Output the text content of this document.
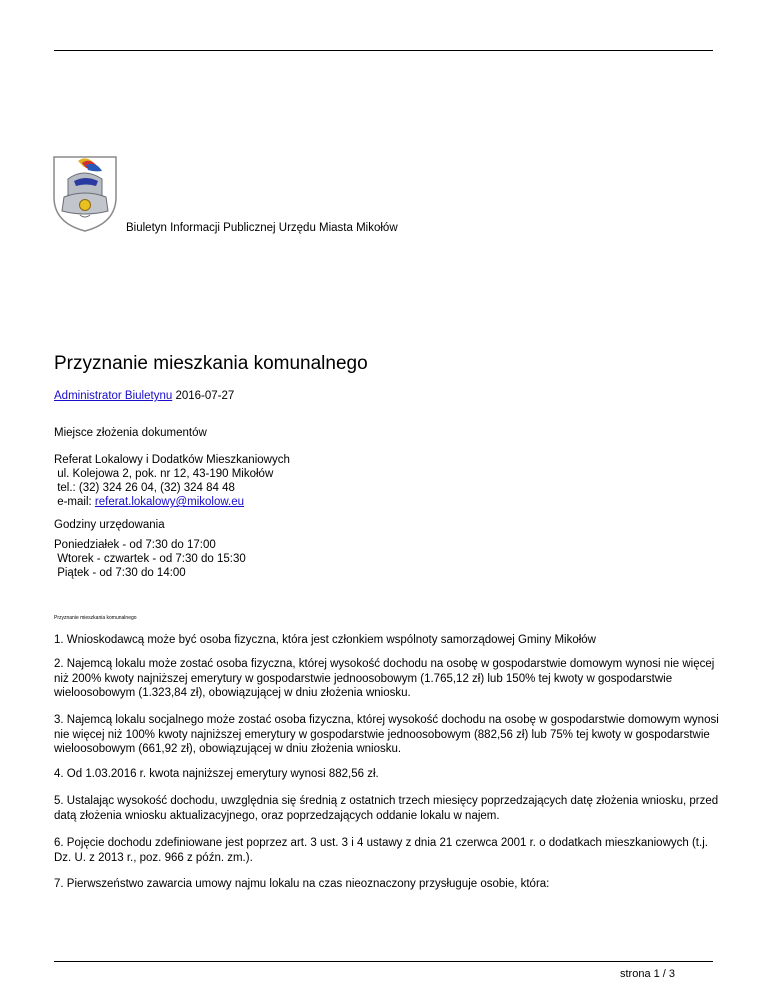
Biuletyn Informacji Publicznej Urzędu Miasta Mikołów
Przyznanie mieszkania komunalnego
Administrator Biuletynu 2016-07-27
Miejsce złożenia dokumentów
Referat Lokalowy i Dodatków Mieszkaniowych
ul. Kolejowa 2, pok. nr 12, 43-190 Mikołów
tel.: (32) 324 26 04, (32) 324 84 48
e-mail: referat.lokalowy@mikolow.eu
Godziny urzędowania
Poniedziałek - od 7:30 do 17:00
Wtorek - czwartek - od 7:30 do 15:30
Piątek - od 7:30 do 14:00
Przyznanie mieszkania komunalnego

1. Wnioskodawcą może być osoba fizyczna, która jest członkiem wspólnoty samorządowej Gminy Mikołów

2. Najemcą lokalu może zostać osoba fizyczna, której wysokość dochodu na osobę w gospodarstwie domowym wynosi nie więcej niż 200% kwoty najniższej emerytury w gospodarstwie jednoosobowym (1.765,12 zł) lub 150% tej kwoty w gospodarstwie wieloosobowym (1.323,84 zł), obowiązującej w dniu złożenia wniosku.

3. Najemcą lokalu socjalnego może zostać osoba fizyczna, której wysokość dochodu na osobę w gospodarstwie domowym wynosi nie więcej niż 100% kwoty najniższej emerytury w gospodarstwie jednoosobowym (882,56 zł) lub 75% tej kwoty w gospodarstwie wieloosobowym (661,92 zł), obowiązującej w dniu złożenia wniosku.

4. Od 1.03.2016 r. kwota najniższej emerytury wynosi 882,56 zł.

5. Ustalając wysokość dochodu, uwzględnia się średnią z ostatnich trzech miesięcy poprzedzających datę złożenia wniosku, przed datą złożenia wniosku aktualizacyjnego, oraz poprzedzających oddanie lokalu w najem.

6. Pojęcie dochodu zdefiniowane jest poprzez art. 3 ust. 3 i 4 ustawy z dnia 21 czerwca 2001 r. o dodatkach mieszkaniowych (t.j. Dz. U. z 2013 r., poz. 966 z późn. zm.).

7. Pierwszeństwo zawarcia umowy najmu lokalu na czas nieoznaczony przysługuje osobie, która:

strona 1 / 3
